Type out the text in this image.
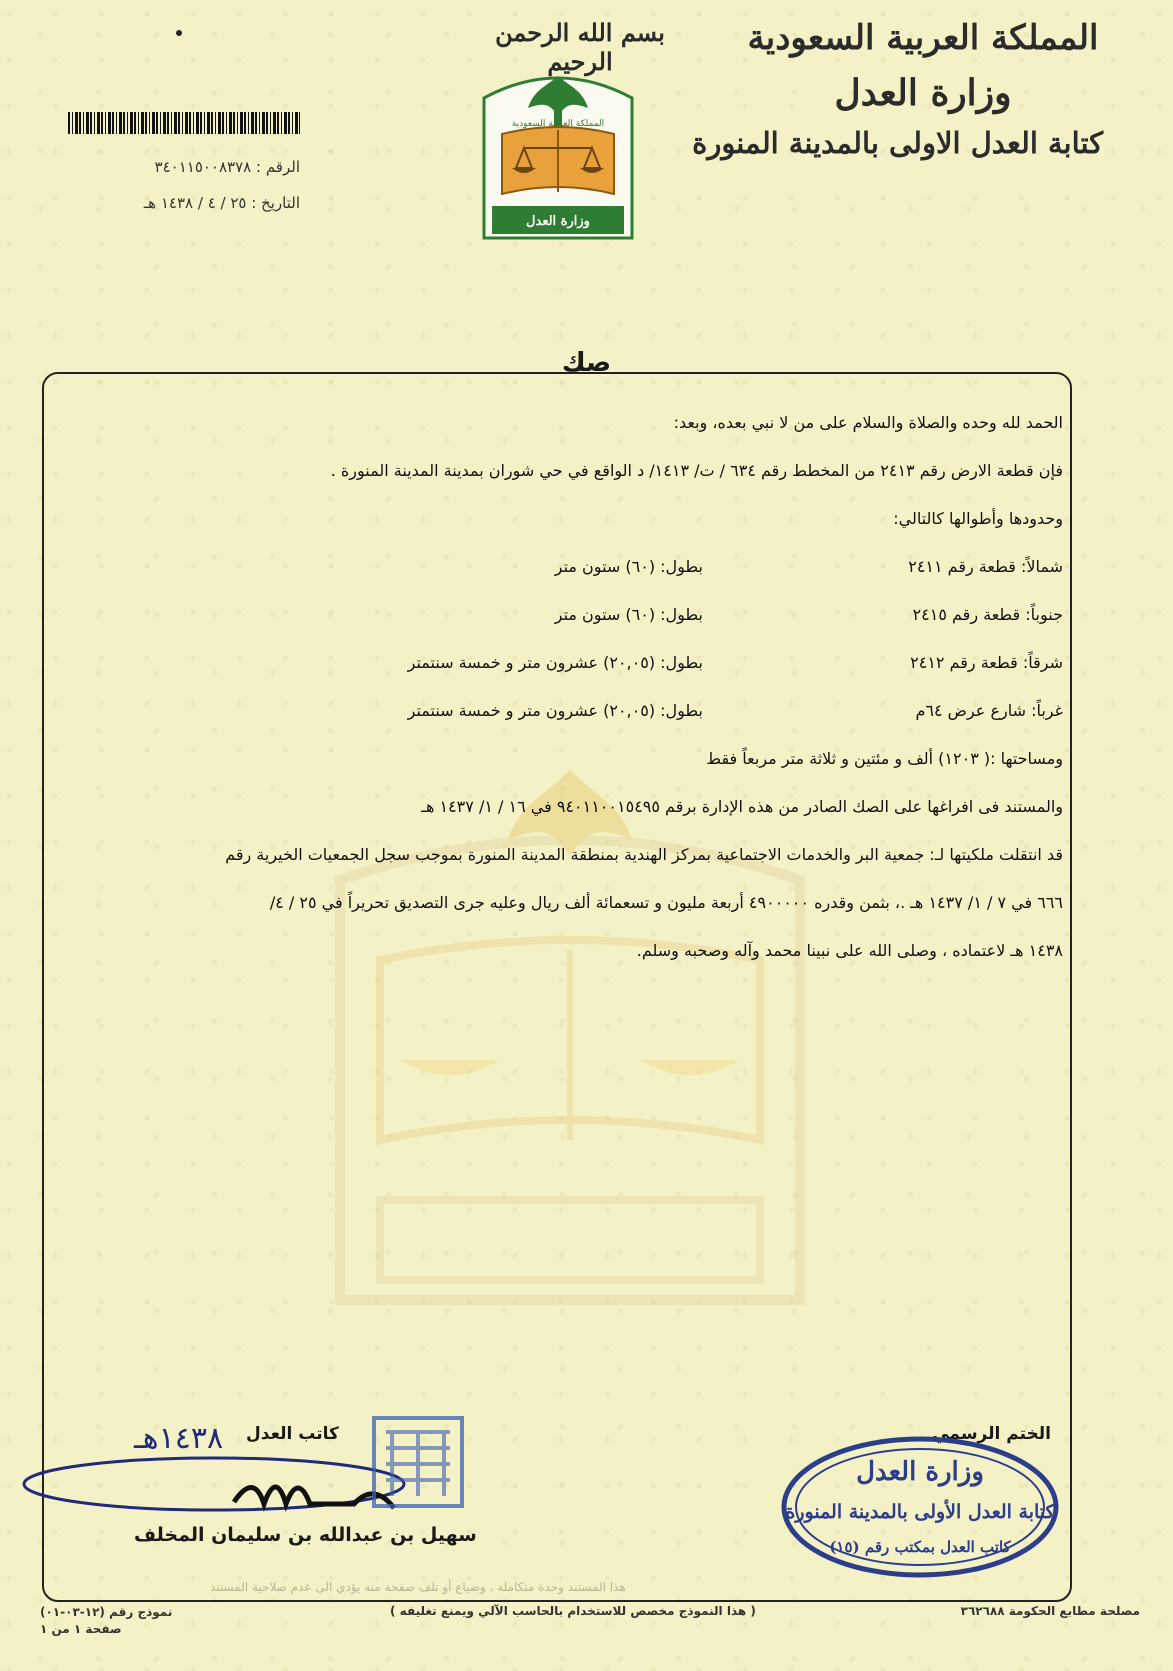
المملكة العربية السعودية
وزارة العدل
كتابة العدل الاولى بالمدينة المنورة
بسم الله الرحمن الرحيم
وزارة العدل
المملكة العربية السعودية
الرقم : ٣٤٠١١٥٠٠٨٣٧٨
التاريخ : ٢٥ / ٤ / ١٤٣٨ هـ
صك
الحمد لله وحده والصلاة والسلام على من لا نبي بعده، وبعد:
فإن قطعة الارض رقم ٢٤١٣ من المخطط رقم ٦٣٤ / ت/ ١٤١٣/ د الواقع في حي شوران بمدينة المدينة المنورة .
وحدودها وأطوالها كالتالي:
شمالاً: قطعة رقم ٢٤١١
بطول: (٦٠) ستون متر
جنوباً: قطعة رقم ٢٤١٥
بطول: (٦٠) ستون متر
شرقاً: قطعة رقم ٢٤١٢
بطول: (٢٠,٠٥) عشرون متر و خمسة سنتمتر
غرباً: شارع عرض ٦٤م
بطول: (٢٠,٠٥) عشرون متر و خمسة سنتمتر
ومساحتها :( ١٢٠٣) ألف و مئتين و ثلاثة متر مربعاً فقط
والمستند فى افراغها على الصك الصادر من هذه الإدارة برقم ٩٤٠١١٠٠١٥٤٩٥ في ١٦ / ١/ ١٤٣٧ هـ
قد انتقلت ملكيتها لـ: جمعية البر والخدمات الاجتماعية بمركز الهندية بمنطقة المدينة المنورة بموجب سجل الجمعيات الخيرية رقم
٦٦٦ في ٧ / ١/ ١٤٣٧ هـ .، بثمن وقدره ٤٩٠٠٠٠٠ أربعة مليون و تسعمائة ألف ريال وعليه جرى التصديق تحريراً في ٢٥ / ٤/
١٤٣٨ هـ لاعتماده ، وصلى الله على نبينا محمد وآله وصحبه وسلم.
كاتب العدل
١٤٣٨هـ
سهيل بن عبدالله بن سليمان المخلف
الختم الرسمي
وزارة العدل
كتابة العدل الأولى بالمدينة المنورة
كاتب العدل بمكتب رقم (١٥)
هذا المستند وحدة متكاملة ، وضياع أو تلف صفحة منه يؤدي الى عدم صلاحية المستند
مصلحة مطابع الحكومة ٣٦٢٦٨٨
( هذا النموذج مخصص للاستخدام بالحاسب الآلي ويمنع تغليفه )
نموذج رقم (١٢-٠٣-٠١)
صفحة ١ من ١
